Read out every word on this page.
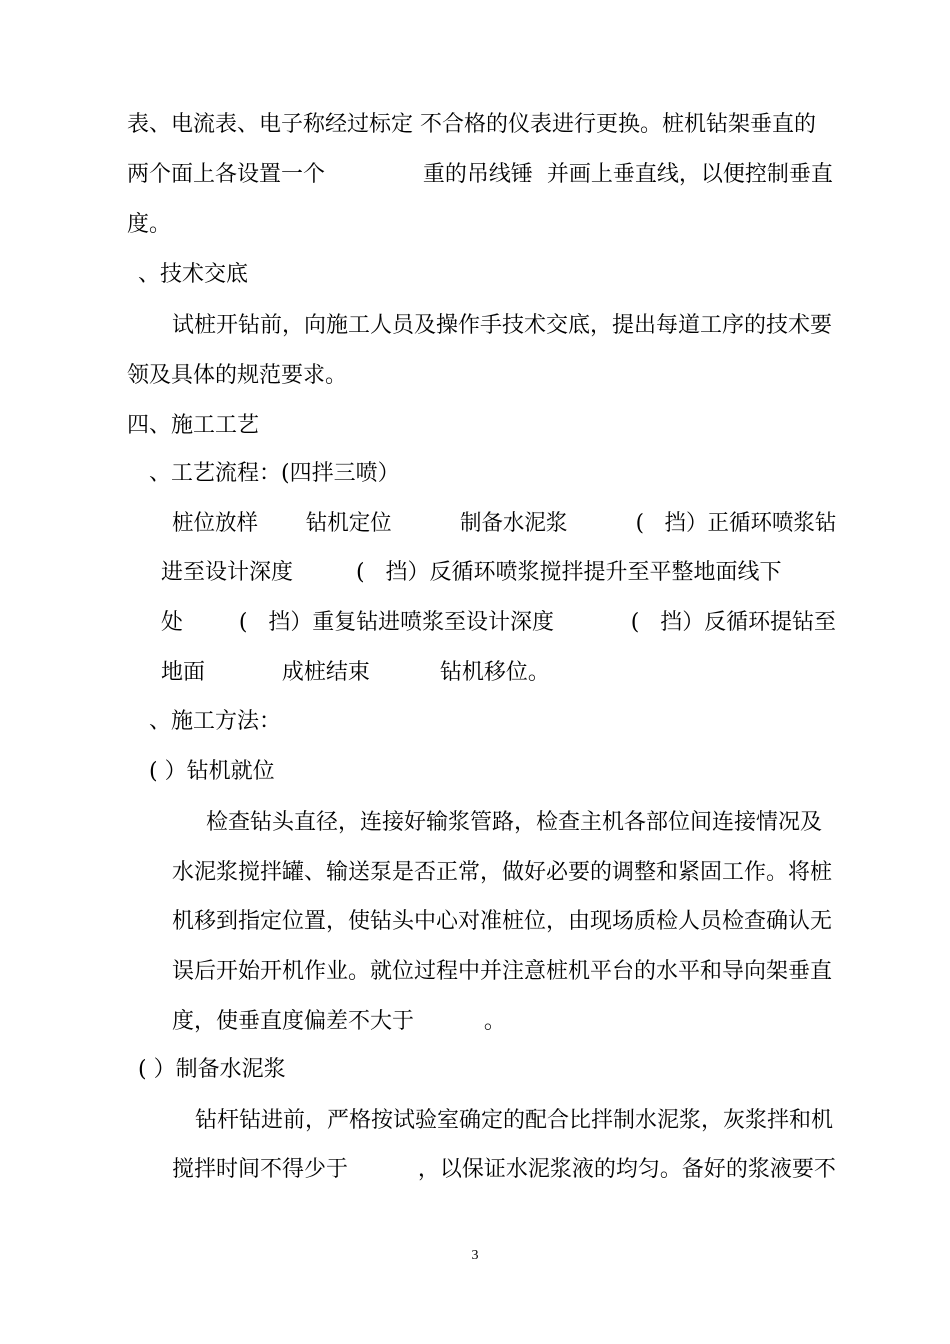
表、电流表、电子称经过标定 不合格的仪表进行更换。桩机钻架垂直的
两个面上各设置一个              重的吊线锤  并画上垂直线，以便控制垂直
度。
、技术交底
试桩开钻前，向施工人员及操作手技术交底，提出每道工序的技术要
领及具体的规范要求。
四、施工工艺
、工艺流程：(四拌三喷）
桩位放样       钻机定位          制备水泥浆          (   挡）正循环喷浆钻
进至设计深度         (   挡）反循环喷浆搅拌提升至平整地面线下
处        (   挡）重复钻进喷浆至设计深度           (   挡）反循环提钻至
地面           成桩结束          钻机移位。
、施工方法：
( ）钻机就位
检查钻头直径，连接好输浆管路，检查主机各部位间连接情况及
水泥浆搅拌罐、输送泵是否正常，做好必要的调整和紧固工作。将桩
机移到指定位置，使钻头中心对准桩位，由现场质检人员检查确认无
误后开始开机作业。就位过程中并注意桩机平台的水平和导向架垂直
度，使垂直度偏差不大于          。
( ）制备水泥浆
钻杆钻进前，严格按试验室确定的配合比拌制水泥浆，灰浆拌和机
搅拌时间不得少于          ，以保证水泥浆液的均匀。备好的浆液要不
3
